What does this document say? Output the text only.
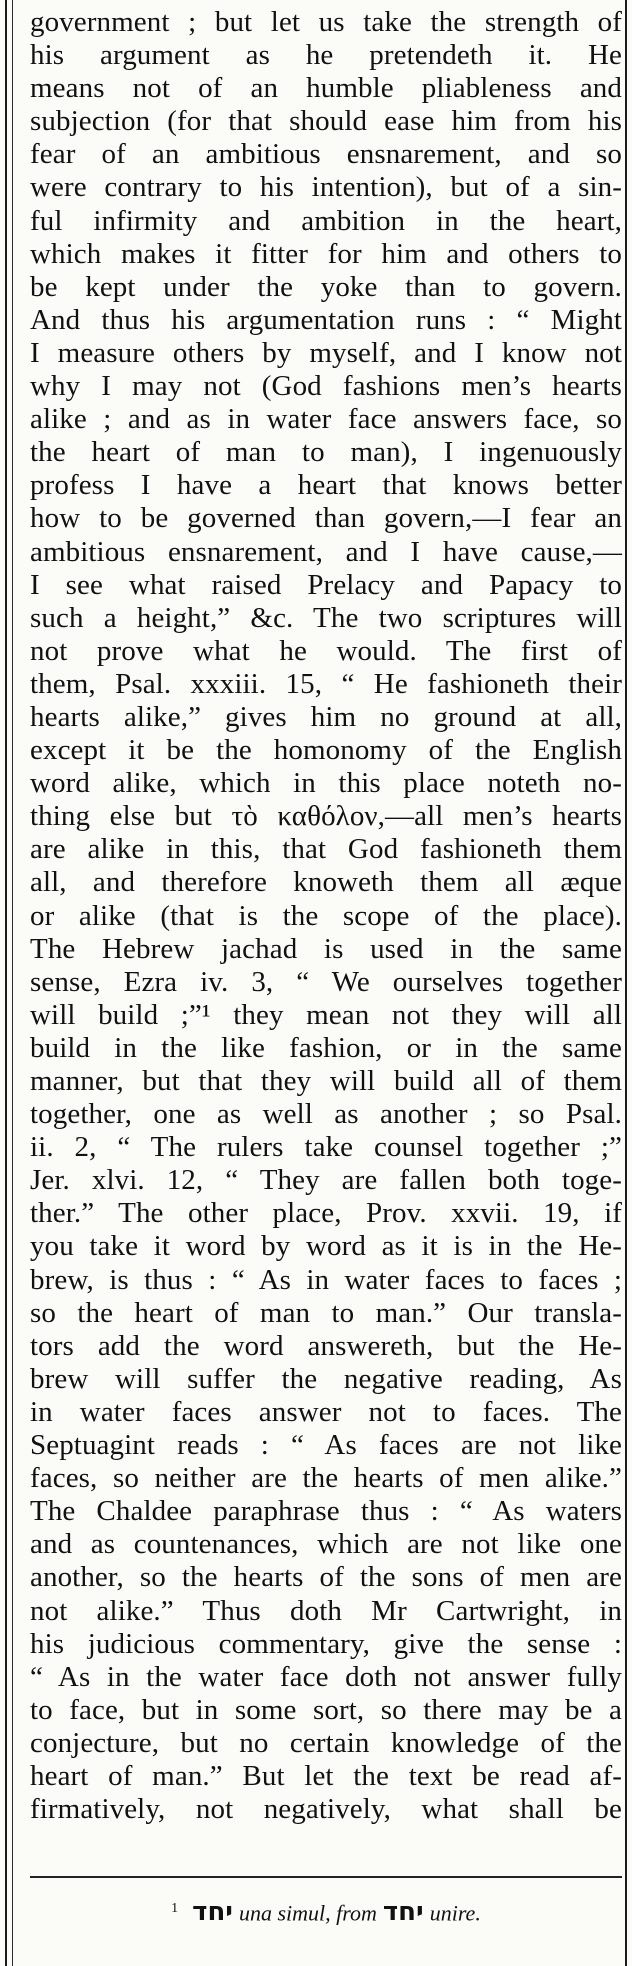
government ; but let us take the strength of
his argument as he pretendeth it. He
means not of an humble pliableness and
subjection (for that should ease him from his
fear of an ambitious ensnarement, and so
were contrary to his intention), but of a sin-
ful infirmity and ambition in the heart,
which makes it fitter for him and others to
be kept under the yoke than to govern.
And thus his argumentation runs : “ Might
I measure others by myself, and I know not
why I may not (God fashions men’s hearts
alike ; and as in water face answers face, so
the heart of man to man), I ingenuously
profess I have a heart that knows better
how to be governed than govern,—I fear an
ambitious ensnarement, and I have cause,—
I see what raised Prelacy and Papacy to
such a height,” &c. The two scriptures will
not prove what he would. The first of
them, Psal. xxxiii. 15, “ He fashioneth their
hearts alike,” gives him no ground at all,
except it be the homonomy of the English
word alike, which in this place noteth no-
thing else but τὸ καθόλον,—all men’s hearts
are alike in this, that God fashioneth them
all, and therefore knoweth them all æque
or alike (that is the scope of the place).
The Hebrew jachad is used in the same
sense, Ezra iv. 3, “ We ourselves together
will build ;”¹ they mean not they will all
build in the like fashion, or in the same
manner, but that they will build all of them
together, one as well as another ; so Psal.
ii. 2, “ The rulers take counsel together ;”
Jer. xlvi. 12, “ They are fallen both toge-
ther.” The other place, Prov. xxvii. 19, if
you take it word by word as it is in the He-
brew, is thus : “ As in water faces to faces ;
so the heart of man to man.” Our transla-
tors add the word answereth, but the He-
brew will suffer the negative reading, As
in water faces answer not to faces. The
Septuagint reads : “ As faces are not like
faces, so neither are the hearts of men alike.”
The Chaldee paraphrase thus : “ As waters
and as countenances, which are not like one
another, so the hearts of the sons of men are
not alike.” Thus doth Mr Cartwright, in
his judicious commentary, give the sense :
“ As in the water face doth not answer fully
to face, but in some sort, so there may be a
conjecture, but no certain knowledge of the
heart of man.” But let the text be read af-
firmatively, not negatively, what shall be
$^1$ יחד una simul, from יחד unire.
